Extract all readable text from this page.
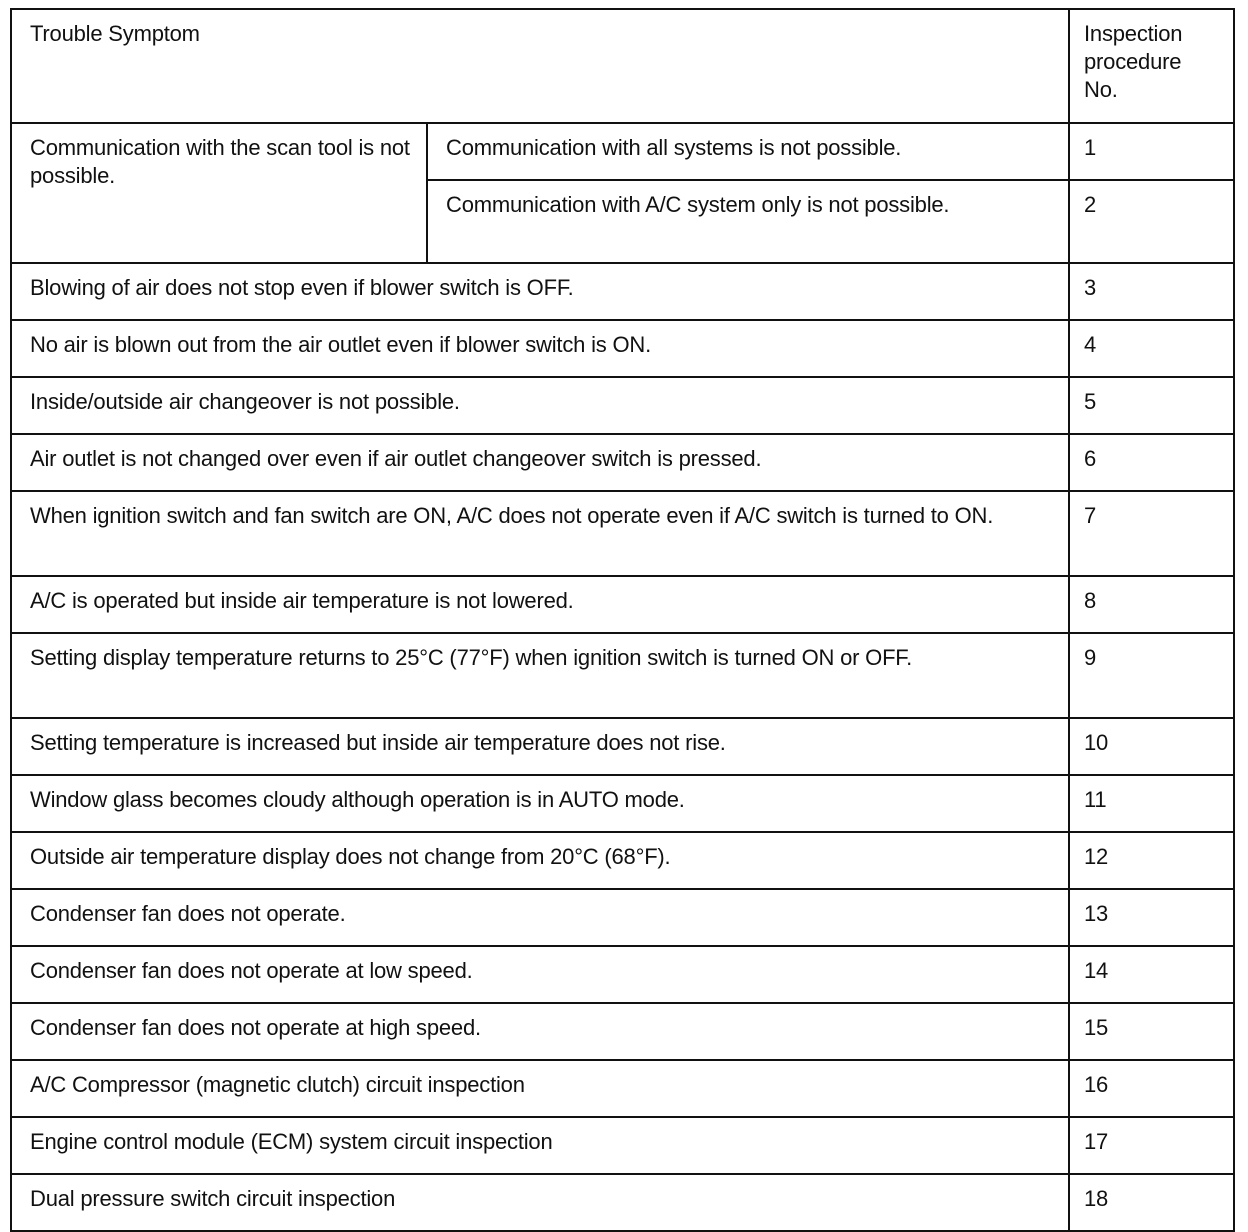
Trouble Symptom		Inspection
procedure
No.
Communication with the scan tool is not possible.	Communication with all systems is not possible.	1
	Communication with A/C system only is not possible.	2
Blowing of air does not stop even if blower switch is OFF.		3
No air is blown out from the air outlet even if blower switch is ON.		4
Inside/outside air changeover is not possible.		5
Air outlet is not changed over even if air outlet changeover switch is pressed.		6
When ignition switch and fan switch are ON, A/C does not operate even if A/C switch is turned to ON.		7
A/C is operated but inside air temperature is not lowered.		8
Setting display temperature returns to 25°C (77°F) when ignition switch is turned ON or OFF.		9
Setting temperature is increased but inside air temperature does not rise.		10
Window glass becomes cloudy although operation is in AUTO mode.		11
Outside air temperature display does not change from 20°C (68°F).		12
Condenser fan does not operate.		13
Condenser fan does not operate at low speed.		14
Condenser fan does not operate at high speed.		15
A/C Compressor (magnetic clutch) circuit inspection		16
Engine control module (ECM) system circuit inspection		17
Dual pressure switch circuit inspection		18
